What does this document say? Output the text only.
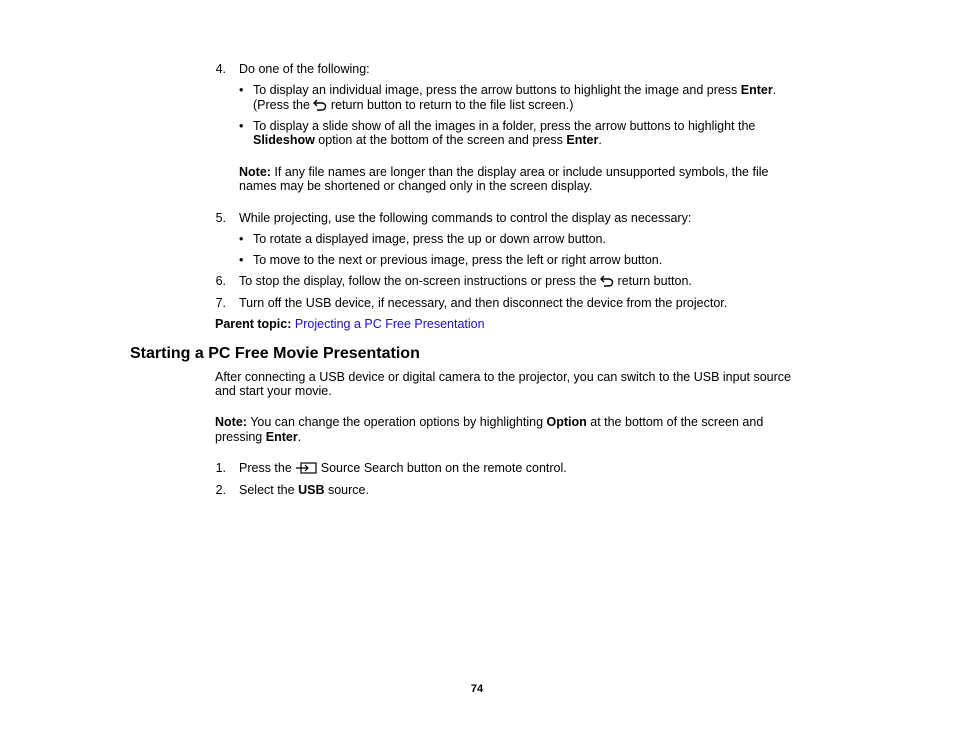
4. Do one of the following:
• To display an individual image, press the arrow buttons to highlight the image and press Enter.
(Press the  return button to return to the file list screen.)
• To display a slide show of all the images in a folder, press the arrow buttons to highlight the
Slideshow option at the bottom of the screen and press Enter.
Note: If any file names are longer than the display area or include unsupported symbols, the file
names may be shortened or changed only in the screen display.
5. While projecting, use the following commands to control the display as necessary:
• To rotate a displayed image, press the up or down arrow button.
• To move to the next or previous image, press the left or right arrow button.
6. To stop the display, follow the on-screen instructions or press the  return button.
7. Turn off the USB device, if necessary, and then disconnect the device from the projector.
Parent topic: Projecting a PC Free Presentation
Starting a PC Free Movie Presentation
After connecting a USB device or digital camera to the projector, you can switch to the USB input source
and start your movie.
Note: You can change the operation options by highlighting Option at the bottom of the screen and
pressing Enter.
1. Press the  Source Search button on the remote control.
2. Select the USB source.
74
